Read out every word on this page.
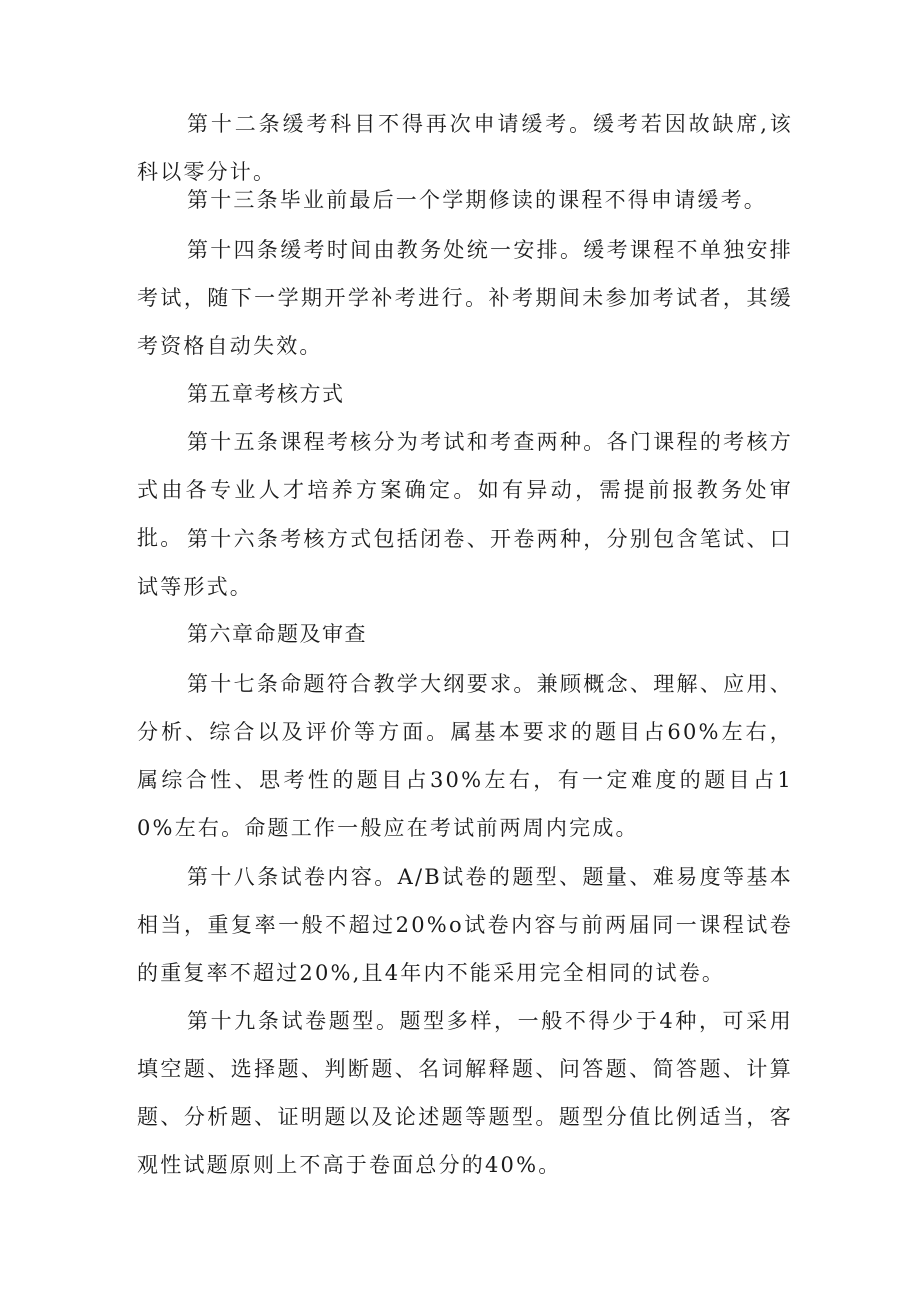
第十二条缓考科目不得再次申请缓考。缓考若因故缺席,该科以零分计。

第十三条毕业前最后一个学期修读的课程不得申请缓考。

第十四条缓考时间由教务处统一安排。缓考课程不单独安排考试，随下一学期开学补考进行。补考期间未参加考试者，其缓考资格自动失效。

第五章考核方式

第十五条课程考核分为考试和考查两种。各门课程的考核方式由各专业人才培养方案确定。如有异动，需提前报教务处审批。 第十六条考核方式包括闭卷、开卷两种，分别包含笔试、口试等形式。

第六章命题及审查

第十七条命题符合教学大纲要求。兼顾概念、理解、应用、分析、综合以及评价等方面。属基本要求的题目占60%左右，属综合性、思考性的题目占30%左右，有一定难度的题目占10%左右。命题工作一般应在考试前两周内完成。

第十八条试卷内容。A/B试卷的题型、题量、难易度等基本相当，重复率一般不超过20%o试卷内容与前两届同一课程试卷的重复率不超过20%,且4年内不能采用完全相同的试卷。

第十九条试卷题型。题型多样，一般不得少于4种，可采用填空题、选择题、判断题、名词解释题、问答题、简答题、计算题、分析题、证明题以及论述题等题型。题型分值比例适当，客观性试题原则上不高于卷面总分的40%。
